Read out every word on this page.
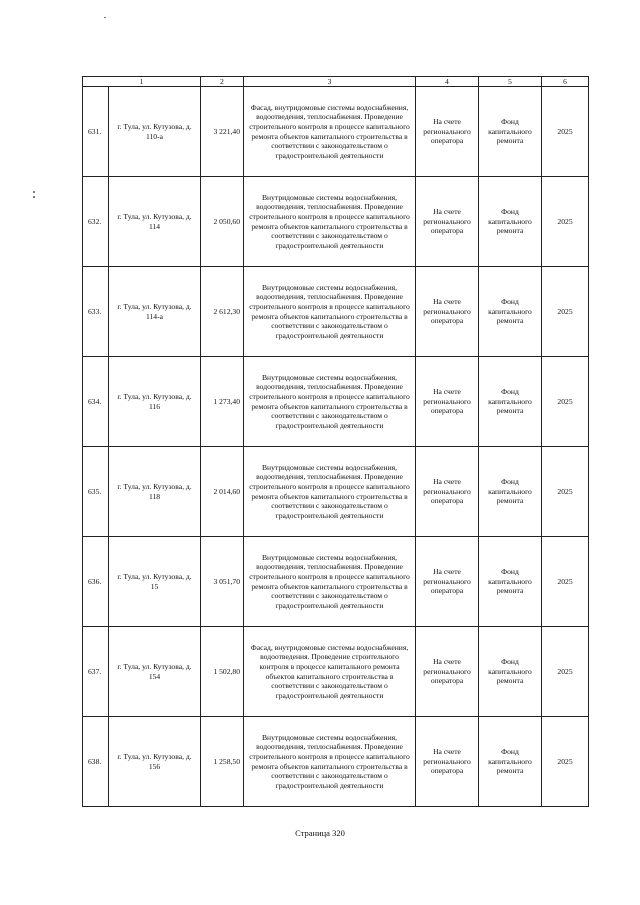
1		2	3	4	5	6
631.	г. Тула, ул. Кутузова, д. 110-а	3 221,40	Фасад, внутридомовые системы водоснабжения, водоотведения, теплоснабжения. Проведение строительного контроля в процессе капитального ремонта объектов капитального строительства в соответствии с законодательством о градостроительной деятельности	На счете регионального оператора	Фонд капитального ремонта	2025
632.	г. Тула, ул. Кутузова, д. 114	2 050,60	Внутридомовые системы водоснабжения, водоотведения, теплоснабжения. Проведение строительного контроля в процессе капитального ремонта объектов капитального строительства в соответствии с законодательством о градостроительной деятельности	На счете регионального оператора	Фонд капитального ремонта	2025
633.	г. Тула, ул. Кутузова, д. 114-а	2 612,30	Внутридомовые системы водоснабжения, водоотведения, теплоснабжения. Проведение строительного контроля в процессе капитального ремонта объектов капитального строительства в соответствии с законодательством о градостроительной деятельности	На счете регионального оператора	Фонд капитального ремонта	2025
634.	г. Тула, ул. Кутузова, д. 116	1 273,40	Внутридомовые системы водоснабжения, водоотведения, теплоснабжения. Проведение строительного контроля в процессе капитального ремонта объектов капитального строительства в соответствии с законодательством о градостроительной деятельности	На счете регионального оператора	Фонд капитального ремонта	2025
635.	г. Тула, ул. Кутузова, д. 118	2 014,60	Внутридомовые системы водоснабжения, водоотведения, теплоснабжения. Проведение строительного контроля в процессе капитального ремонта объектов капитального строительства в соответствии с законодательством о градостроительной деятельности	На счете регионального оператора	Фонд капитального ремонта	2025
636.	г. Тула, ул. Кутузова, д. 15	3 051,70	Внутридомовые системы водоснабжения, водоотведения, теплоснабжения. Проведение строительного контроля в процессе капитального ремонта объектов капитального строительства в соответствии с законодательством о градостроительной деятельности	На счете регионального оператора	Фонд капитального ремонта	2025
637.	г. Тула, ул. Кутузова, д. 154	1 502,80	Фасад, внутридомовые системы водоснабжения, водоотведения. Проведение строительного контроля в процессе капитального ремонта объектов капитального строительства в соответствии с законодательством о градостроительной деятельности	На счете регионального оператора	Фонд капитального ремонта	2025
638.	г. Тула, ул. Кутузова, д. 156	1 258,50	Внутридомовые системы водоснабжения, водоотведения, теплоснабжения. Проведение строительного контроля в процессе капитального ремонта объектов капитального строительства в соответствии с законодательством о градостроительной деятельности	На счете регионального оператора	Фонд капитального ремонта	2025
Страница 320
